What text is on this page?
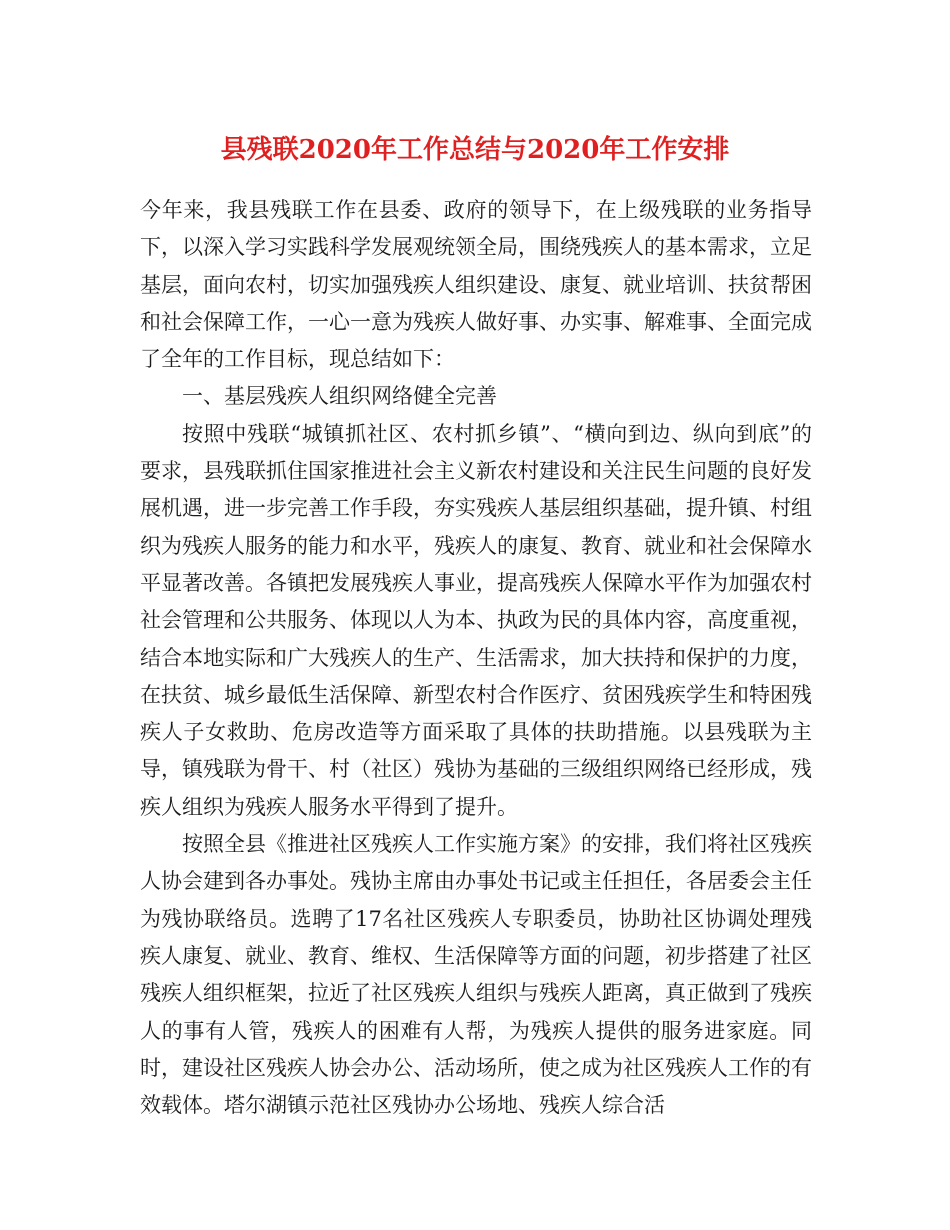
县残联2020年工作总结与2020年工作安排

今年来，我县残联工作在县委、政府的领导下，在上级残联的业务指导下，以深入学习实践科学发展观统领全局，围绕残疾人的基本需求，立足基层，面向农村，切实加强残疾人组织建设、康复、就业培训、扶贫帮困和社会保障工作，一心一意为残疾人做好事、办实事、解难事、全面完成了全年的工作目标，现总结如下：

一、基层残疾人组织网络健全完善

按照中残联“城镇抓社区、农村抓乡镇”、“横向到边、纵向到底”的要求，县残联抓住国家推进社会主义新农村建设和关注民生问题的良好发展机遇，进一步完善工作手段，夯实残疾人基层组织基础，提升镇、村组织为残疾人服务的能力和水平，残疾人的康复、教育、就业和社会保障水平显著改善。各镇把发展残疾人事业，提高残疾人保障水平作为加强农村社会管理和公共服务、体现以人为本、执政为民的具体内容，高度重视，结合本地实际和广大残疾人的生产、生活需求，加大扶持和保护的力度，在扶贫、城乡最低生活保障、新型农村合作医疗、贫困残疾学生和特困残疾人子女救助、危房改造等方面采取了具体的扶助措施。以县残联为主导，镇残联为骨干、村（社区）残协为基础的三级组织网络已经形成，残疾人组织为残疾人服务水平得到了提升。

按照全县《推进社区残疾人工作实施方案》的安排，我们将社区残疾人协会建到各办事处。残协主席由办事处书记或主任担任，各居委会主任为残协联络员。选聘了17名社区残疾人专职委员，协助社区协调处理残疾人康复、就业、教育、维权、生活保障等方面的问题，初步搭建了社区残疾人组织框架，拉近了社区残疾人组织与残疾人距离，真正做到了残疾人的事有人管，残疾人的困难有人帮，为残疾人提供的服务进家庭。同时，建设社区残疾人协会办公、活动场所，使之成为社区残疾人工作的有效载体。塔尔湖镇示范社区残协办公场地、残疾人综合活
